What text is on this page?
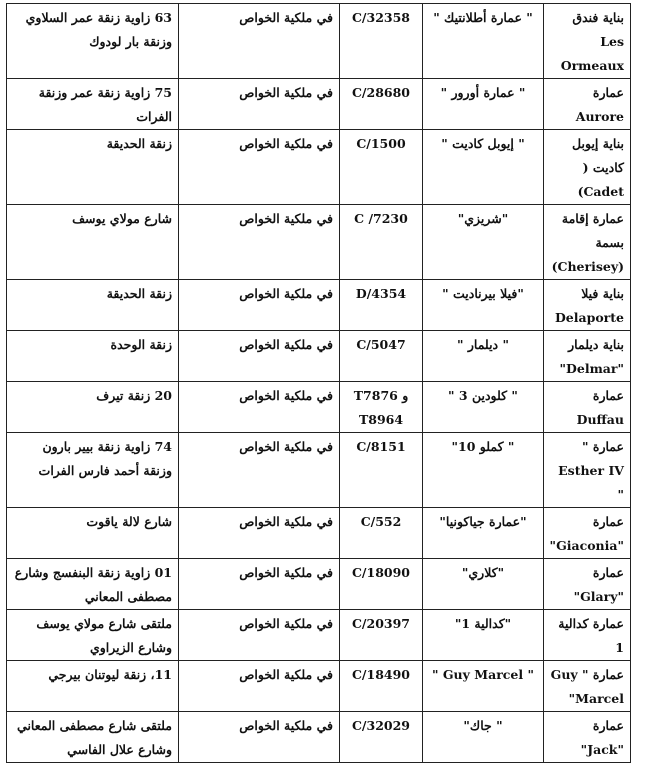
بناية فندق Les Ormeaux	" عمارة أطلانتيك "	C/32358	في ملكية الخواص	63 زاوية زنقة عمر السلاوي وزنقة بار لودوك
عمارة Aurore	" عمارة أورور "	C/28680	في ملكية الخواص	75 زاوية زنقة عمر وزنقة الفرات
بناية إيوبل كاديت ( Cadet)	" إيوبل كاديت "	C/1500	في ملكية الخواص	زنقة الحديقة
عمارة إقامة بسمة (Cherisey)	"شريزي"	C /7230	في ملكية الخواص	شارع مولاي يوسف
بناية فيلا Delaporte	"فيلا بيرناديت "	D/4354	في ملكية الخواص	زنقة الحديقة
بناية ديلمار "Delmar"	" ديلمار "	C/5047	في ملكية الخواص	زنقة الوحدة
عمارة Duffau	" كلودين 3 "	T7876 و T8964	في ملكية الخواص	20 زنقة تيرف
عمارة " Esther IV "	" كملو 10"	C/8151	في ملكية الخواص	74 زاوية زنقة بيير بارون وزنقة أحمد فارس الفرات
عمارة "Giaconia"	"عمارة جياكونيا"	C/552	في ملكية الخواص	شارع لالة ياقوت
عمارة "Glary"	"كلاري"	C/18090	في ملكية الخواص	01 زاوية زنقة البنفسج وشارع مصطفى المعاني
عمارة كدالية 1	"كدالية 1"	C/20397	في ملكية الخواص	ملتقى شارع مولاي يوسف وشارع الزيراوي
عمارة " Guy Marcel"	" Guy Marcel "	C/18490	في ملكية الخواص	11، زنقة ليوتنان بيرجي
عمارة "Jack"	" جاك"	C/32029	في ملكية الخواص	ملتقى شارع مصطفى المعاني وشارع علال الفاسي
